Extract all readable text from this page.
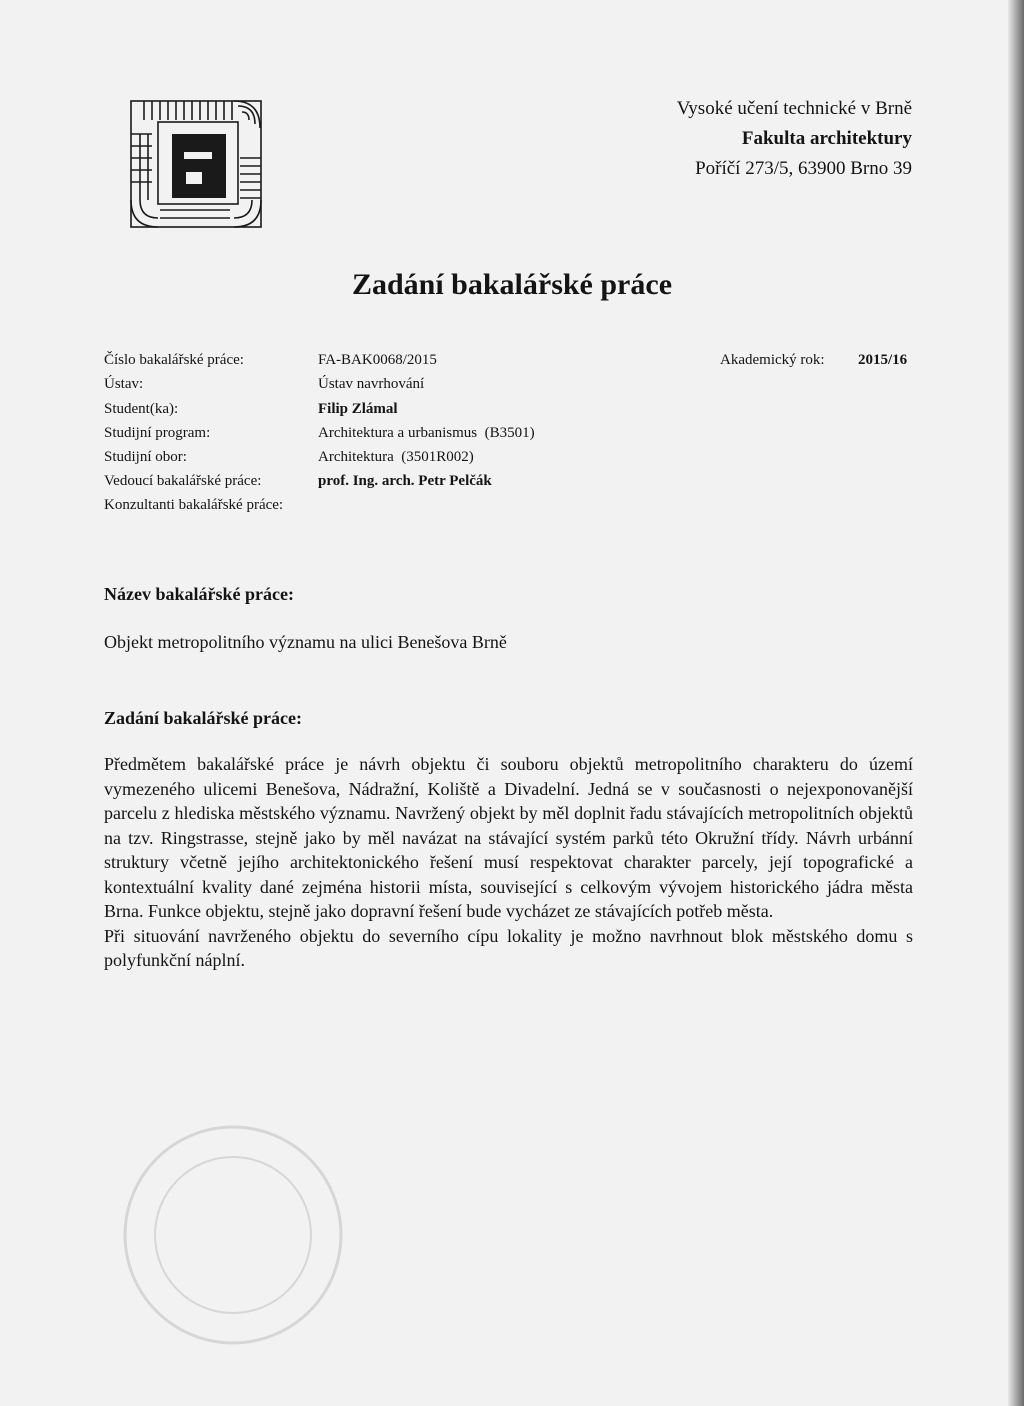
Vysoké učení technické v Brně
Fakulta architektury
Poříčí 273/5, 63900 Brno 39
Zadání bakalářské práce
Číslo bakalářské práce:	FA-BAK0068/2015	Akademický rok: 2015/16
Ústav:	Ústav navrhování
Student(ka):	Filip Zlámal
Studijní program:	Architektura a urbanismus  (B3501)
Studijní obor:	Architektura  (3501R002)
Vedoucí bakalářské práce:	prof. Ing. arch. Petr Pelčák
Konzultanti bakalářské práce:
Název bakalářské práce:
Objekt metropolitního významu na ulici Benešova Brně
Zadání bakalářské práce:

Předmětem bakalářské práce je návrh objektu či souboru objektů metropolitního charakteru do území vymezeného ulicemi Benešova, Nádražní, Koliště a Divadelní. Jedná se v současnosti o nejexponovanější parcelu z hlediska městského významu. Navržený objekt by měl doplnit řadu stávajících metropolitních objektů na tzv. Ringstrasse, stejně jako by měl navázat na stávající systém parků této Okružní třídy. Návrh urbánní struktury včetně jejího architektonického řešení musí respektovat charakter parcely, její topografické a kontextuální kvality dané zejména historii místa, související s celkovým vývojem historického jádra města Brna. Funkce objektu, stejně jako dopravní řešení bude vycházet ze stávajících potřeb města.

Při situování navrženého objektu do severního cípu lokality je možno navrhnout blok městského domu s polyfunkční náplní.
